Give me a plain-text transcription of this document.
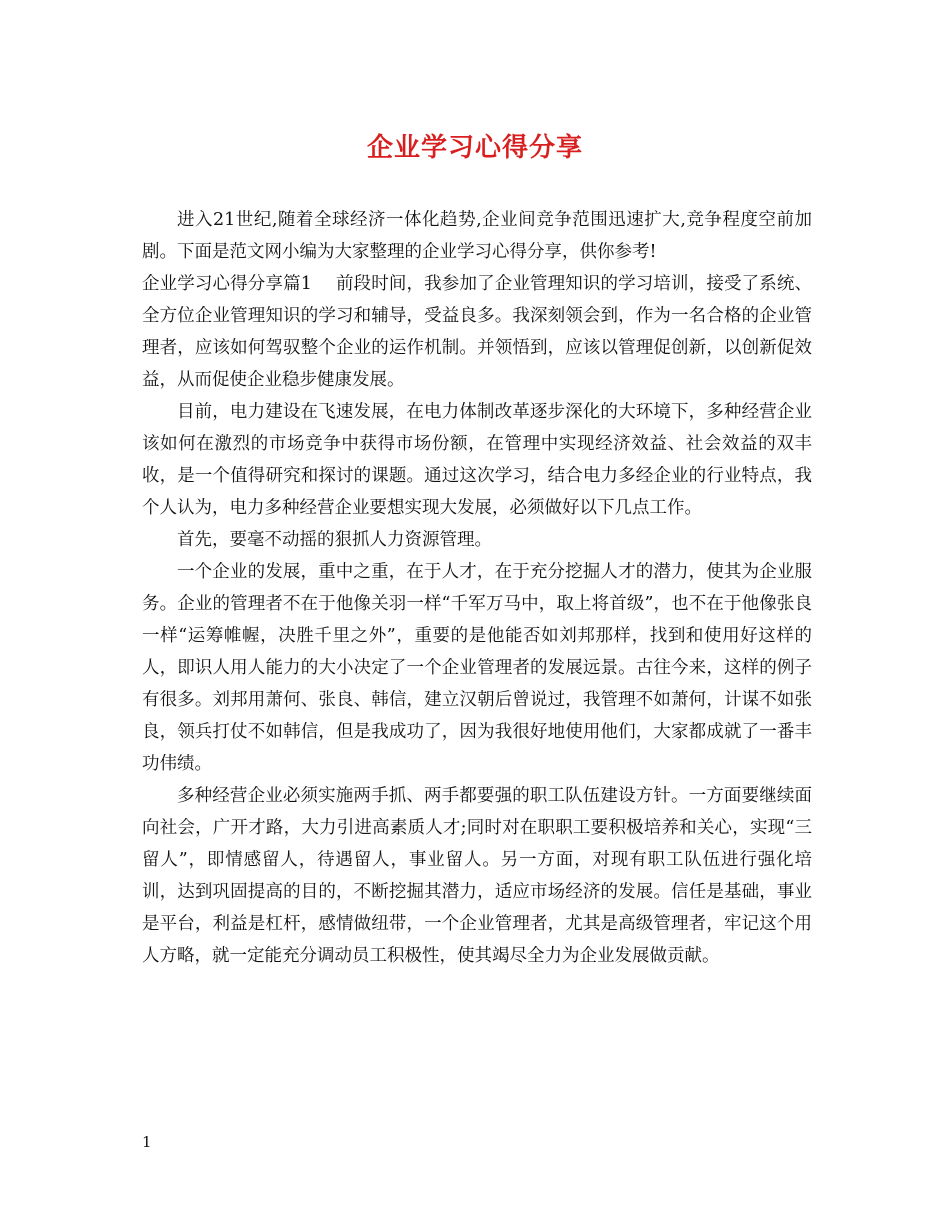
企业学习心得分享

进入21世纪,随着全球经济一体化趋势,企业间竞争范围迅速扩大,竞争程度空前加剧。下面是范文网小编为大家整理的企业学习心得分享，供你参考!

企业学习心得分享篇1 前段时间，我参加了企业管理知识的学习培训，接受了系统、全方位企业管理知识的学习和辅导，受益良多。我深刻领会到，作为一名合格的企业管理者，应该如何驾驭整个企业的运作机制。并领悟到，应该以管理促创新，以创新促效益，从而促使企业稳步健康发展。

目前，电力建设在飞速发展，在电力体制改革逐步深化的大环境下，多种经营企业该如何在激烈的市场竞争中获得市场份额，在管理中实现经济效益、社会效益的双丰收，是一个值得研究和探讨的课题。通过这次学习，结合电力多经企业的行业特点，我个人认为，电力多种经营企业要想实现大发展，必须做好以下几点工作。

首先，要毫不动摇的狠抓人力资源管理。

一个企业的发展，重中之重，在于人才，在于充分挖掘人才的潜力，使其为企业服务。企业的管理者不在于他像关羽一样“千军万马中，取上将首级”，也不在于他像张良一样“运筹帷幄，决胜千里之外”，重要的是他能否如刘邦那样，找到和使用好这样的人，即识人用人能力的大小决定了一个企业管理者的发展远景。古往今来，这样的例子有很多。刘邦用萧何、张良、韩信，建立汉朝后曾说过，我管理不如萧何，计谋不如张良，领兵打仗不如韩信，但是我成功了，因为我很好地使用他们，大家都成就了一番丰功伟绩。

多种经营企业必须实施两手抓、两手都要强的职工队伍建设方针。一方面要继续面向社会，广开才路，大力引进高素质人才;同时对在职职工要积极培养和关心，实现“三留人”，即情感留人，待遇留人，事业留人。另一方面，对现有职工队伍进行强化培训，达到巩固提高的目的，不断挖掘其潜力，适应市场经济的发展。信任是基础，事业是平台，利益是杠杆，感情做纽带，一个企业管理者，尤其是高级管理者，牢记这个用人方略，就一定能充分调动员工积极性，使其竭尽全力为企业发展做贡献。

1
